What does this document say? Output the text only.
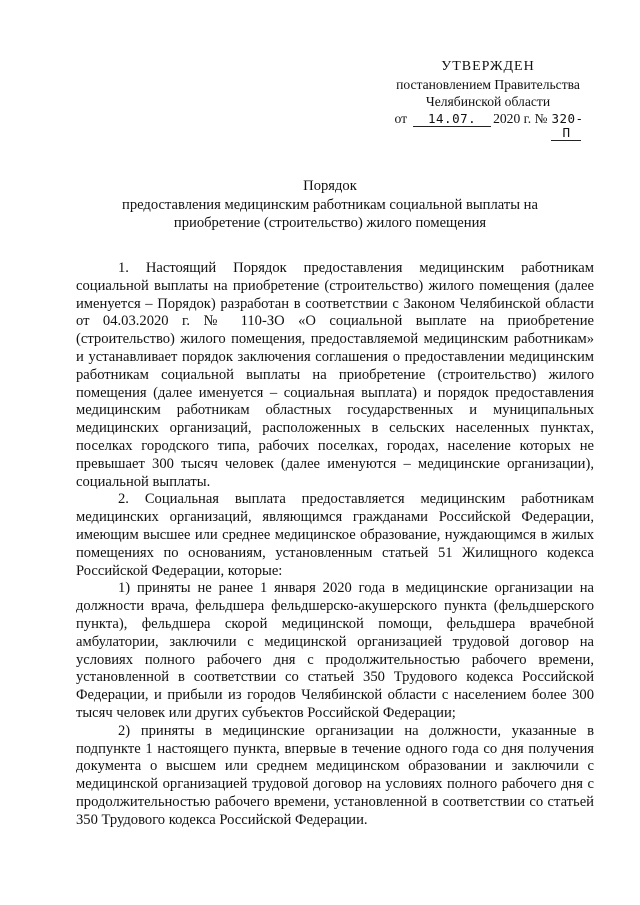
УТВЕРЖДЕН
постановлением Правительства
Челябинской области
от	14.07.	2020 г. № 320-П
Порядок
предоставления медицинским работникам социальной выплаты на
приобретение (строительство) жилого помещения

1. Настоящий Порядок предоставления медицинским работникам социальной выплаты на приобретение (строительство) жилого помещения (далее именуется – Порядок) разработан в соответствии с Законом Челябинской области от 04.03.2020 г. № 110-ЗО «О социальной выплате на приобретение (строительство) жилого помещения, предоставляемой медицинским работникам» и устанавливает порядок заключения соглашения о предоставлении медицинским работникам социальной выплаты на приобретение (строительство) жилого помещения (далее именуется – социальная выплата) и порядок предоставления медицинским работникам областных государственных и муниципальных медицинских организаций, расположенных в сельских населенных пунктах, поселках городского типа, рабочих поселках, городах, население которых не превышает 300 тысяч человек (далее именуются – медицинские организации), социальной выплаты.

2. Социальная выплата предоставляется медицинским работникам медицинских организаций, являющимся гражданами Российской Федерации, имеющим высшее или среднее медицинское образование, нуждающимся в жилых помещениях по основаниям, установленным статьей 51 Жилищного кодекса Российской Федерации, которые:

1) приняты не ранее 1 января 2020 года в медицинские организации на должности врача, фельдшера фельдшерско-акушерского пункта (фельдшерского пункта), фельдшера скорой медицинской помощи, фельдшера врачебной амбулатории, заключили с медицинской организацией трудовой договор на условиях полного рабочего дня с продолжительностью рабочего времени, установленной в соответствии со статьей 350 Трудового кодекса Российской Федерации, и прибыли из городов Челябинской области с населением более 300 тысяч человек или других субъектов Российской Федерации;

2) приняты в медицинские организации на должности, указанные в подпункте 1 настоящего пункта, впервые в течение одного года со дня получения документа о высшем или среднем медицинском образовании и заключили с медицинской организацией трудовой договор на условиях полного рабочего дня с продолжительностью рабочего времени, установленной в соответствии со статьей 350 Трудового кодекса Российской Федерации.
